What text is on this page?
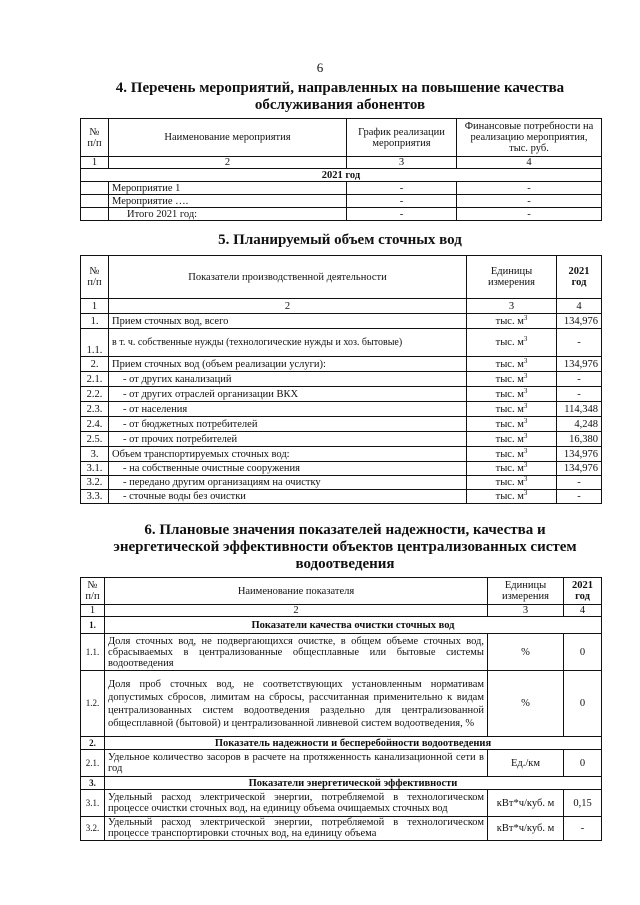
6
4. Перечень мероприятий, направленных на повышение качества
обслуживания абонентов
№ п/п	Наименование мероприятия	График реализации мероприятия	Финансовые потребности на реализацию мероприятия, тыс. руб.
1	2	3	4
2021 год			
	Мероприятие 1	-	-
	Мероприятие ….	-	-
	Итого 2021 год:	-	-
5. Планируемый объем сточных вод
№ п/п	Показатели производственной деятельности	Единицы измерения	2021 год
1	2	3	4
1.	Прием сточных вод, всего	тыс. $м^3$	134,976
1.1.	в т. ч. собственные нужды (технологические нужды и хоз. бытовые)	тыс. $м^3$	-
2.	Прием сточных вод (объем реализации услуги):	тыс. $м^3$	134,976
2.1.	- от других канализаций	тыс. $м^3$	-
2.2.	- от других отраслей организации ВКХ	тыс. $м^3$	-
2.3.	- от населения	тыс. $м^3$	114,348
2.4.	- от бюджетных потребителей	тыс. $м^3$	4,248
2.5.	- от прочих потребителей	тыс. $м^3$	16,380
3.	Объем транспортируемых сточных вод:	тыс. $м^3$	134,976
3.1.	- на собственные очистные сооружения	тыс. $м^3$	134,976
3.2.	- передано другим организациям на очистку	тыс. $м^3$	-
3.3.	- сточные воды без очистки	тыс. $м^3$	-
6. Плановые значения показателей надежности, качества и
энергетической эффективности объектов централизованных систем
водоотведения
№ п/п	Наименование показателя	Единицы измерения	2021 год
1	2	3	4
1.	Показатели качества очистки сточных вод		
1.1.	Доля сточных вод, не подвергающихся очистке, в общем объеме сточных вод, сбрасываемых в централизованные общесплавные или бытовые системы водоотведения	%	0
1.2.	Доля проб сточных вод, не соответствующих установленным нормативам допустимых сбросов, лимитам на сбросы, рассчитанная применительно к видам централизованных систем водоотведения раздельно для централизованной общесплавной (бытовой) и централизованной ливневой систем водоотведения, %	%	0
2.	Показатель надежности и бесперебойности водоотведения		
2.1.	Удельное количество засоров в расчете на протяженность канализационной сети в год	Ед./км	0
3.	Показатели энергетической эффективности		
3.1.	Удельный расход электрической энергии, потребляемой в технологическом процессе очистки сточных вод, на единицу объема очищаемых сточных вод	кВт*ч/куб. м	0,15
3.2.	Удельный расход электрической энергии, потребляемой в технологическом процессе транспортировки сточных вод, на единицу объема	кВт*ч/куб. м	-
